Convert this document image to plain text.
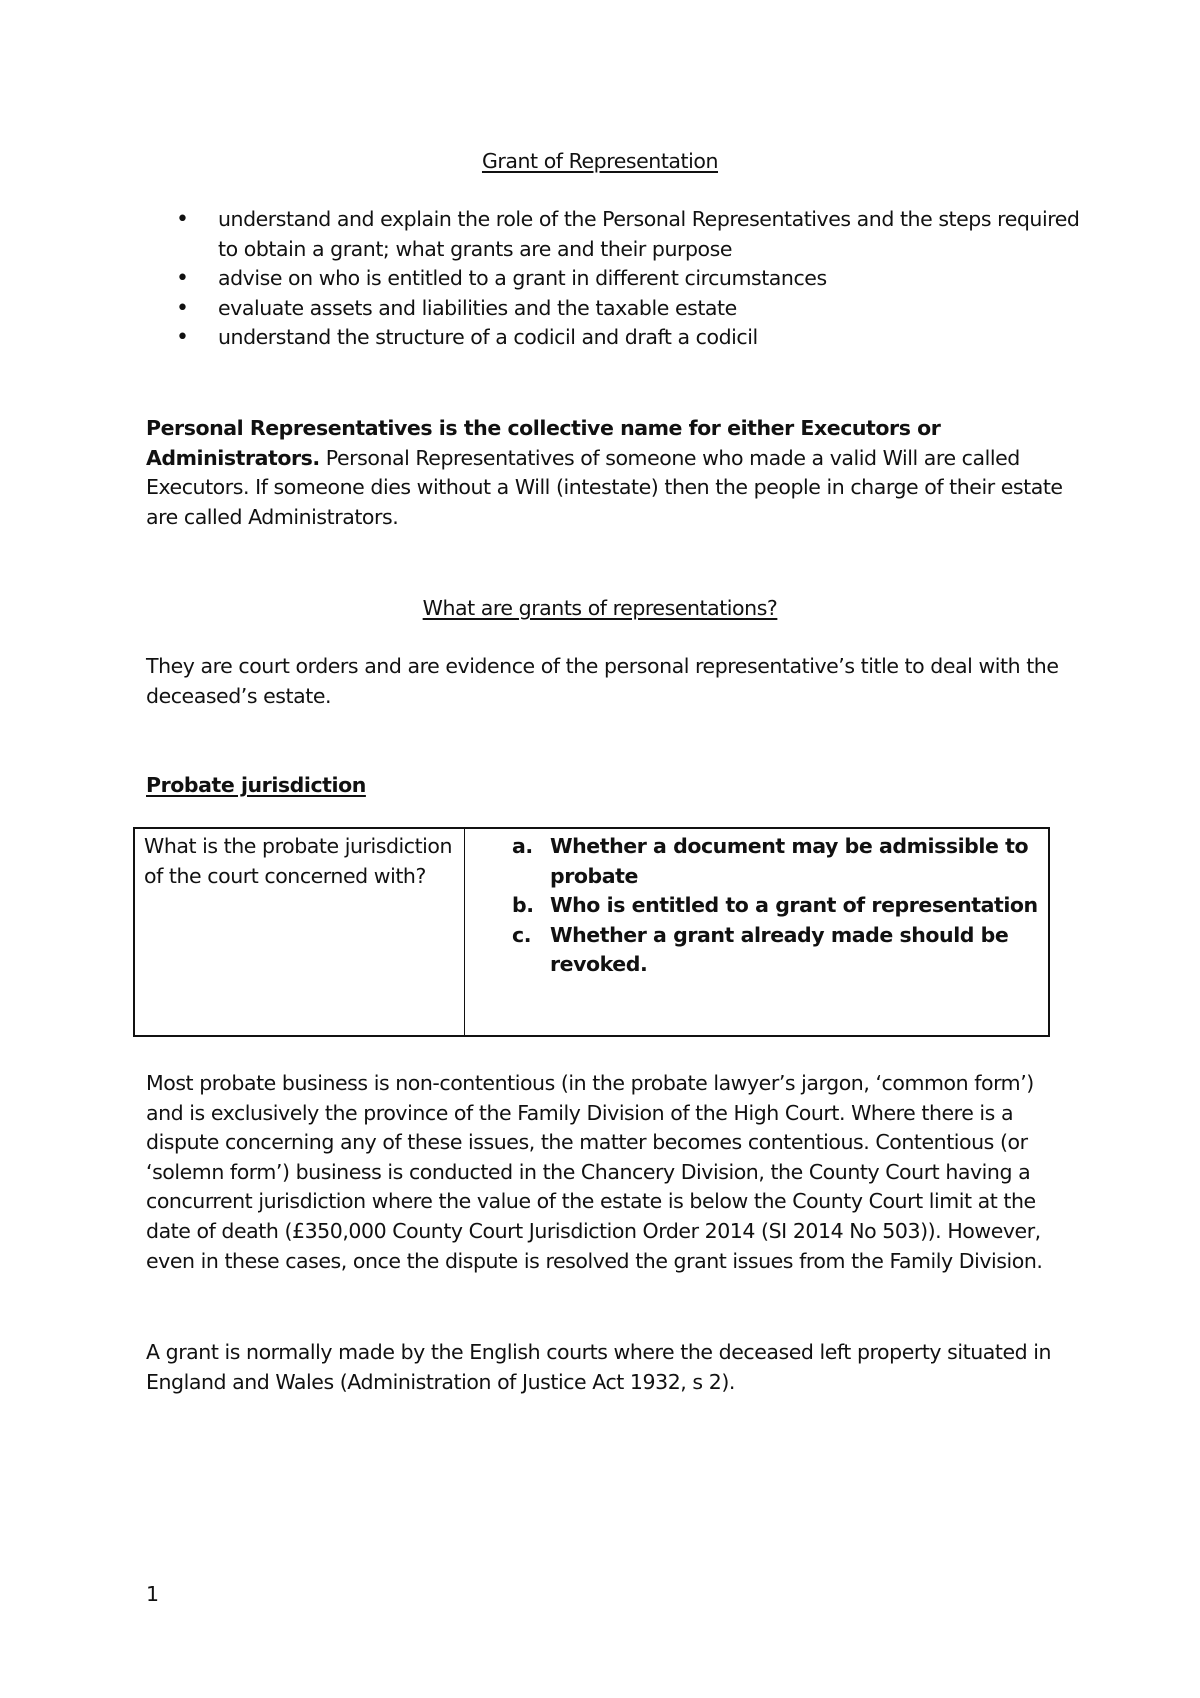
Grant of Representation
• understand and explain the role of the Personal Representatives and the steps required to obtain a grant; what grants are and their purpose
• advise on who is entitled to a grant in different circumstances
• evaluate assets and liabilities and the taxable estate
• understand the structure of a codicil and draft a codicil

Personal Representatives is the collective name for either Executors or Administrators. Personal Representatives of someone who made a valid Will are called Executors. If someone dies without a Will (intestate) then the people in charge of their estate are called Administrators.

What are grants of representations?

They are court orders and are evidence of the personal representative’s title to deal with the deceased’s estate.

Probate jurisdiction
What is the probate jurisdiction of the court concerned with?	
a. Whether a document may be admissible to probate
b. Who is entitled to a grant of representation
c. Whether a grant already made should be revoked.

Most probate business is non-contentious (in the probate lawyer’s jargon, ‘common form’) and is exclusively the province of the Family Division of the High Court. Where there is a dispute concerning any of these issues, the matter becomes contentious. Contentious (or ‘solemn form’) business is conducted in the Chancery Division, the County Court having a concurrent jurisdiction where the value of the estate is below the County Court limit at the date of death (£350,000 County Court Jurisdiction Order 2014 (SI 2014 No 503)). However, even in these cases, once the dispute is resolved the grant issues from the Family Division.

A grant is normally made by the English courts where the deceased left property situated in England and Wales (Administration of Justice Act 1932, s 2).

1
